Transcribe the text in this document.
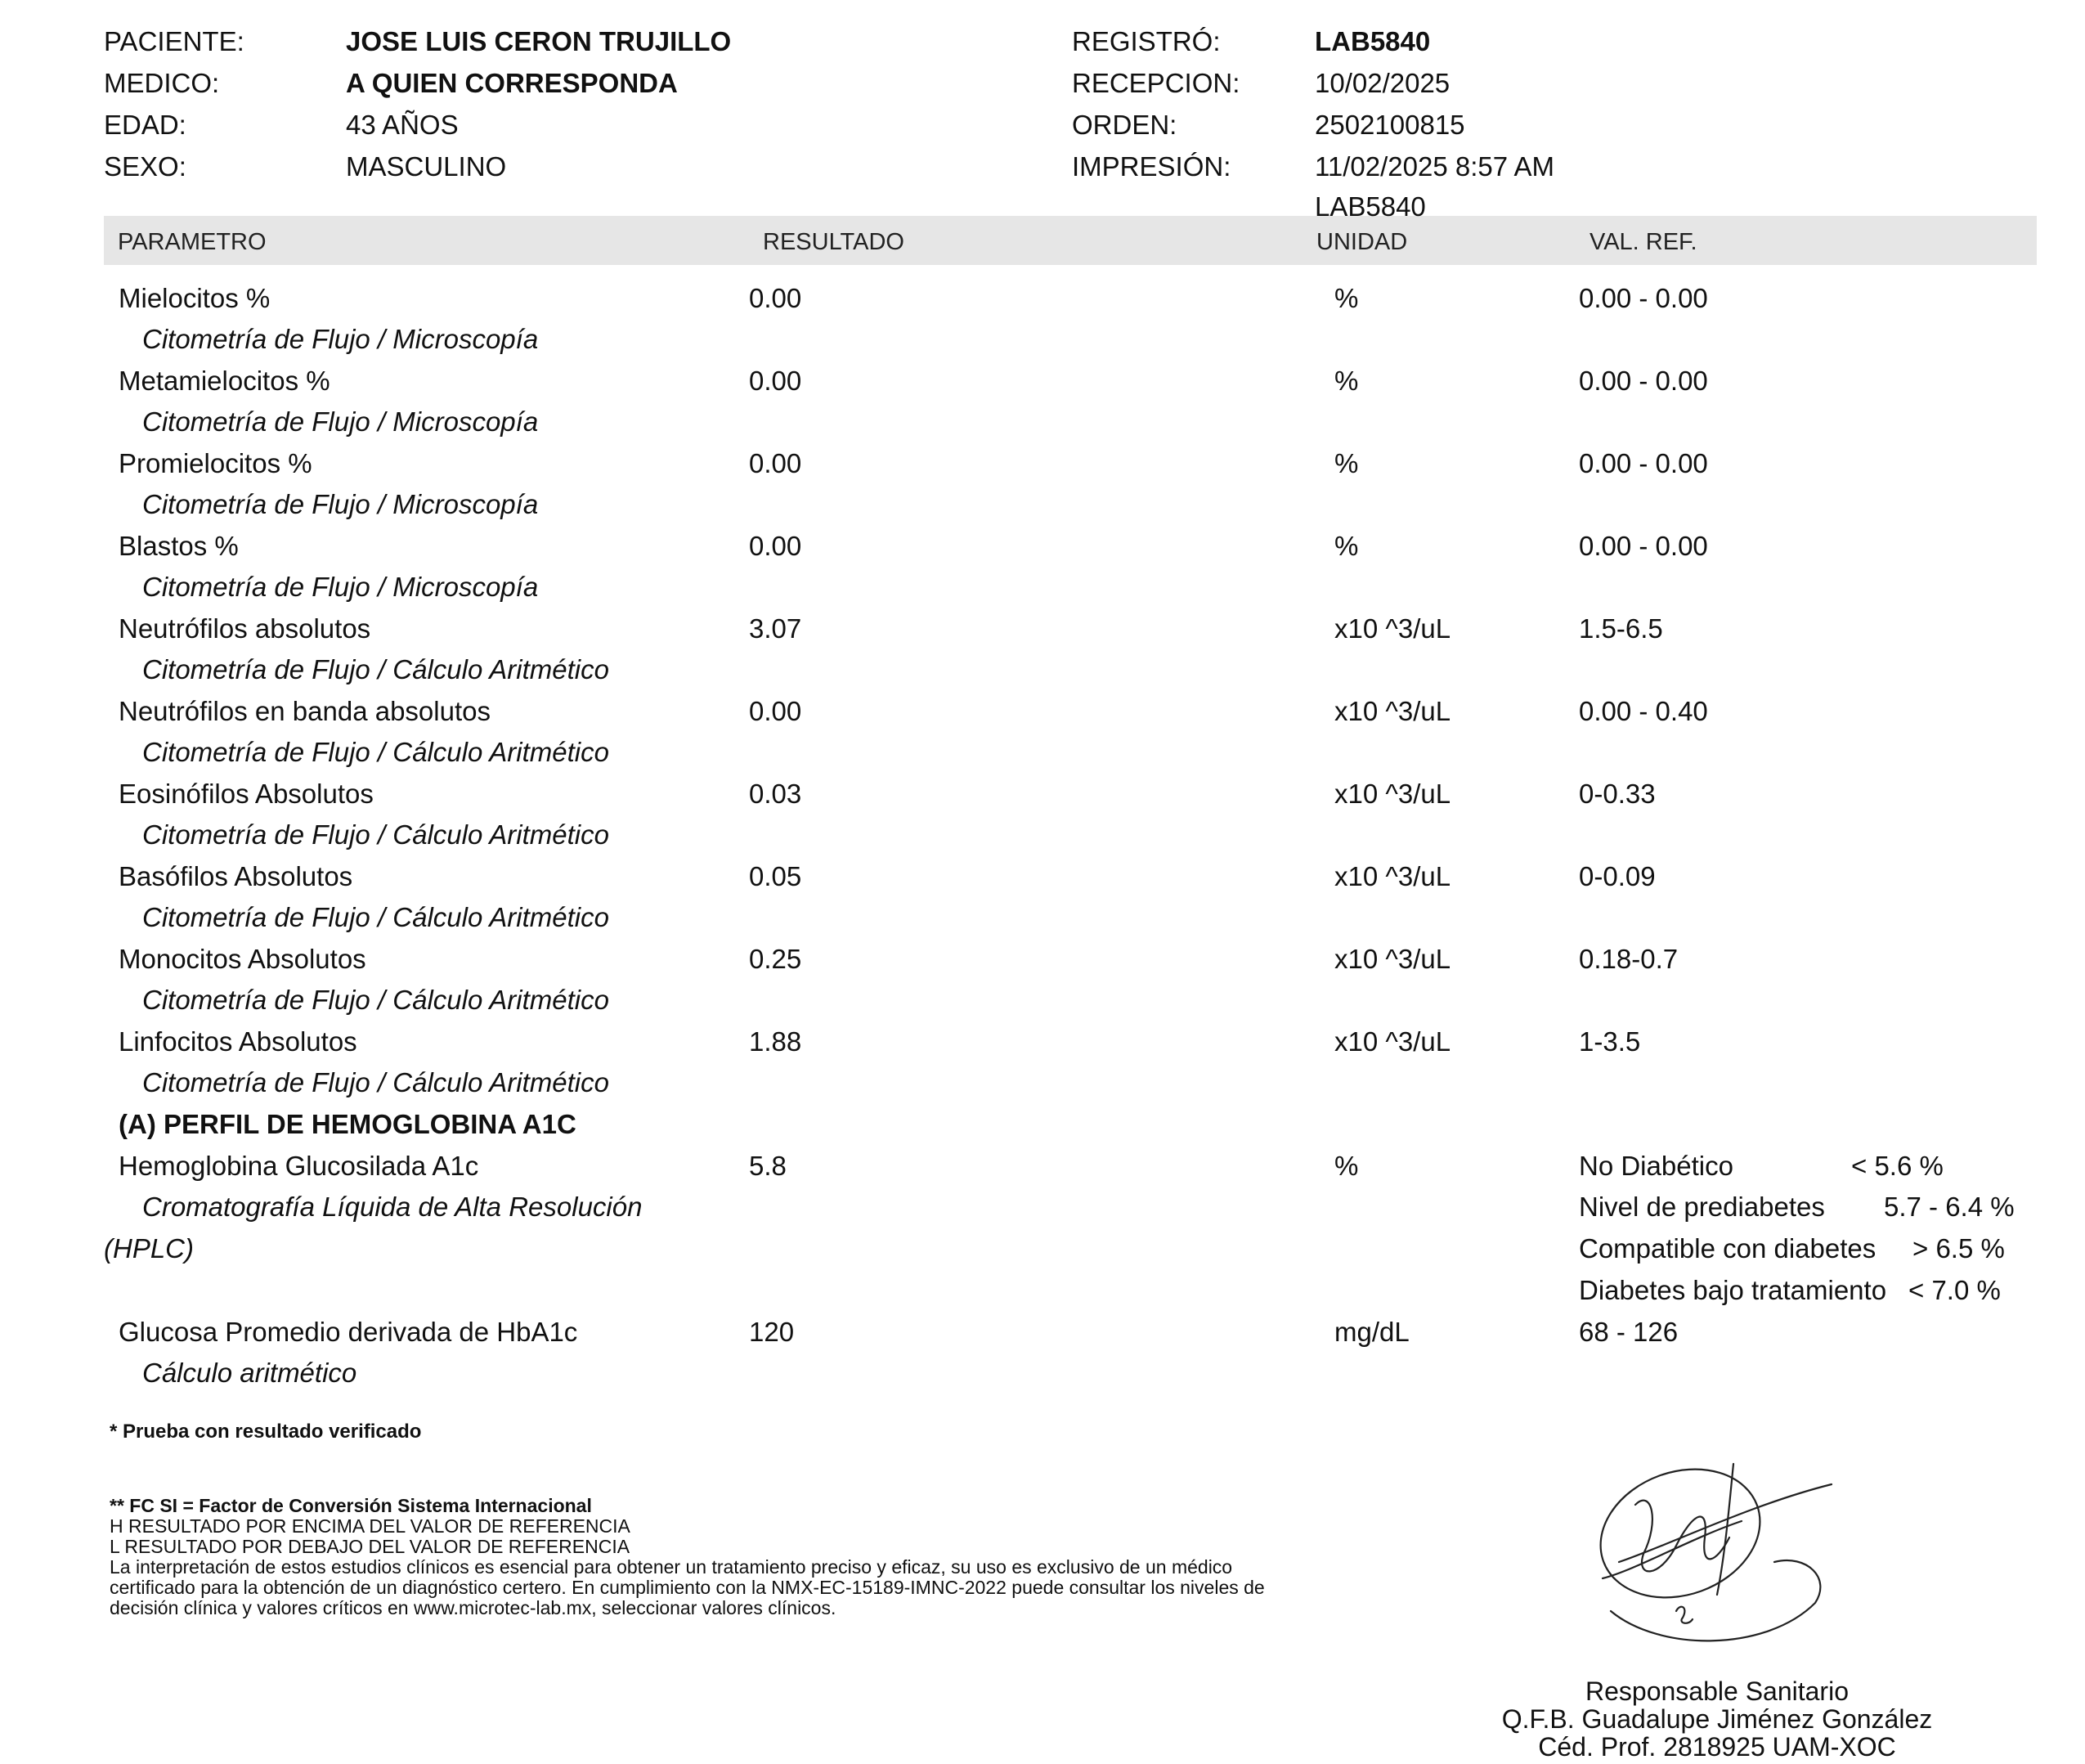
PACIENTE:	JOSE LUIS CERON TRUJILLO
MEDICO:	A QUIEN CORRESPONDA
EDAD:	43 AÑOS
SEXO:	MASCULINO
REGISTRÓ:	LAB5840
RECEPCION:	10/02/2025
ORDEN:	2502100815
IMPRESIÓN:	11/02/2025 8:57 AM
PARAMETRO	RESULTADO	UNIDAD	VAL. REF.
LAB5840
Mielocitos %	0.00	%	0.00 - 0.00
Citometría de Flujo / Microscopía
Metamielocitos %	0.00	%	0.00 - 0.00
Citometría de Flujo / Microscopía
Promielocitos %	0.00	%	0.00 - 0.00
Citometría de Flujo / Microscopía
Blastos %	0.00	%	0.00 - 0.00
Citometría de Flujo / Microscopía
Neutrófilos absolutos	3.07	x10 ^3/uL	1.5-6.5
Citometría de Flujo / Cálculo Aritmético
Neutrófilos en banda absolutos	0.00	x10 ^3/uL	0.00 - 0.40
Citometría de Flujo / Cálculo Aritmético
Eosinófilos Absolutos	0.03	x10 ^3/uL	0-0.33
Citometría de Flujo / Cálculo Aritmético
Basófilos Absolutos	0.05	x10 ^3/uL	0-0.09
Citometría de Flujo / Cálculo Aritmético
Monocitos Absolutos	0.25	x10 ^3/uL	0.18-0.7
Citometría de Flujo / Cálculo Aritmético
Linfocitos Absolutos	1.88	x10 ^3/uL	1-3.5
Citometría de Flujo / Cálculo Aritmético
(A) PERFIL DE HEMOGLOBINA A1C
Hemoglobina Glucosilada A1c	5.8	%
Cromatografía Líquida de Alta Resolución
(HPLC)
No Diabético	< 5.6 %
Nivel de prediabetes 5.7 - 6.4 %
Compatible con diabetes > 6.5 %
Diabetes bajo tratamiento < 7.0 %
Glucosa Promedio derivada de HbA1c	120	mg/dL	68 - 126
Cálculo aritmético
* Prueba con resultado verificado
** FC SI = Factor de Conversión Sistema Internacional
H RESULTADO POR ENCIMA DEL VALOR DE REFERENCIA
L RESULTADO POR DEBAJO DEL VALOR DE REFERENCIA
La interpretación de estos estudios clínicos es esencial para obtener un tratamiento preciso y eficaz, su uso es exclusivo de un médico
certificado para la obtención de un diagnóstico certero. En cumplimiento con la NMX-EC-15189-IMNC-2022 puede consultar los niveles de
decisión clínica y valores críticos en www.microtec-lab.mx, seleccionar valores clínicos.
Responsable Sanitario
Q.F.B. Guadalupe Jiménez González
Céd. Prof. 2818925 UAM-XOC
